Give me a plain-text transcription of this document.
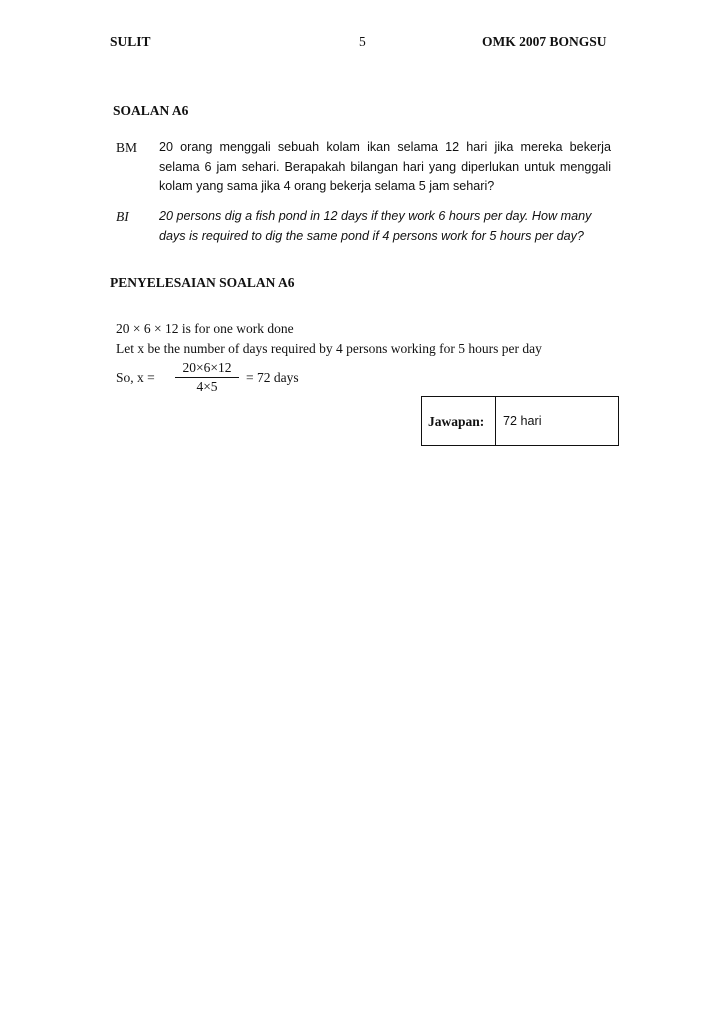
SULIT	5	OMK 2007 BONGSU
SOALAN A6
BM 20 orang menggali sebuah kolam ikan selama 12 hari jika mereka bekerja selama 6 jam sehari. Berapakah bilangan hari yang diperlukan untuk menggali kolam yang sama jika 4 orang bekerja selama 5 jam sehari?
BI 20 persons dig a fish pond in 12 days if they work 6 hours per day. How many days is required to dig the same pond if 4 persons work for 5 hours per day?
PENYELESAIAN SOALAN A6
20 × 6 × 12 is for one work done
Let x be the number of days required by 4 persons working for 5 hours per day
So, $x = \frac{20\times 6\times 12}{4\times 5} = 72$ days
Jawapan:	72 hari
